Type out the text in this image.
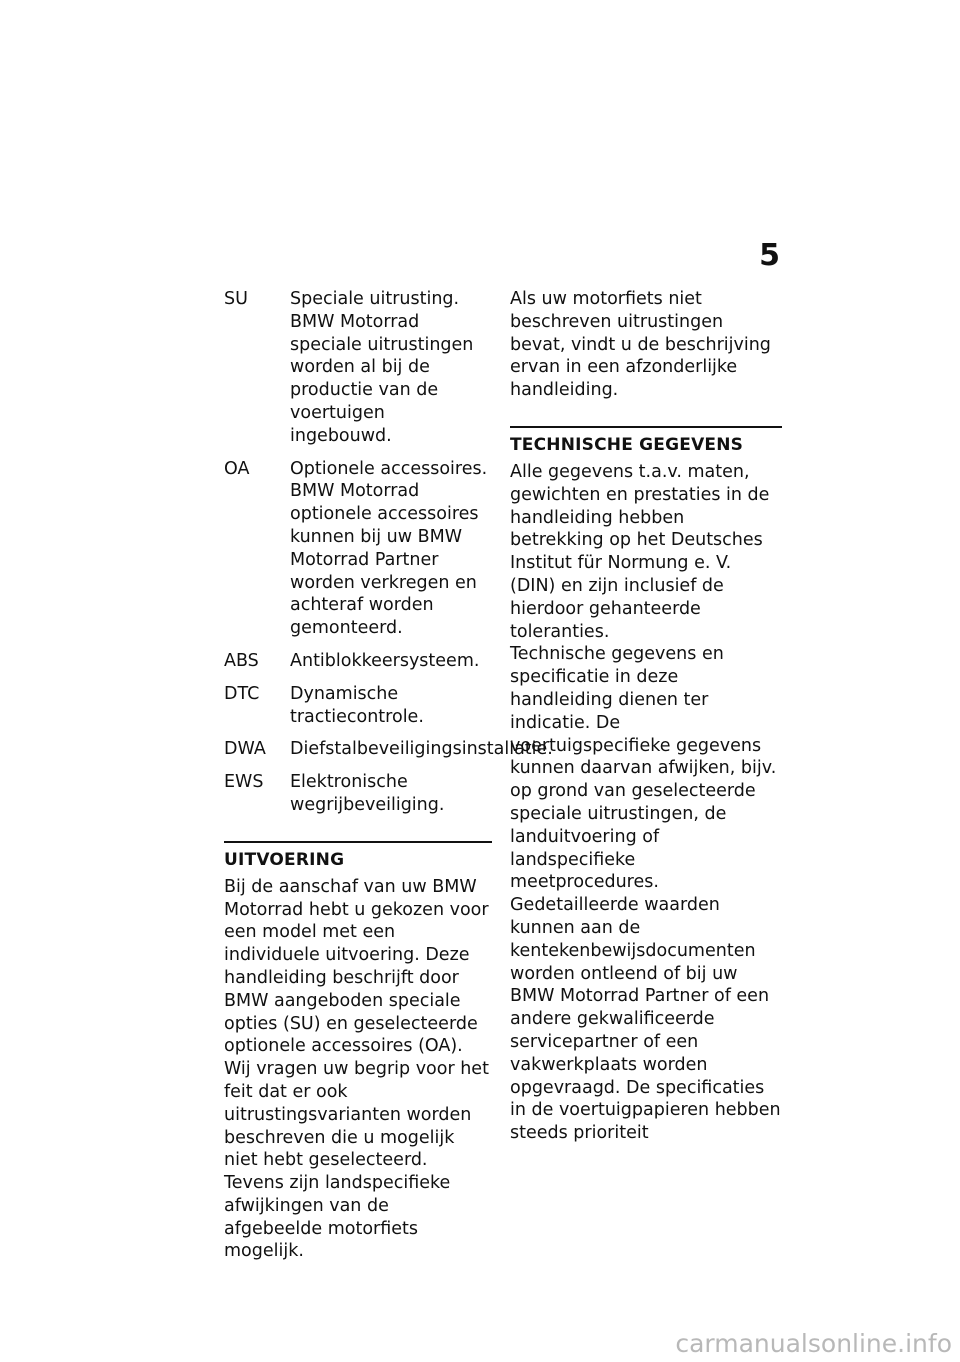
5
SU	Speciale uitrusting.
BMW Motorrad speciale uitrustingen worden al bij de productie van de voertuigen ingebouwd.
OA	Optionele accessoires.
BMW Motorrad optionele accessoires kunnen bij uw BMW Motorrad Partner worden verkregen en achteraf worden gemonteerd.
ABS	Antiblokkeersysteem.
DTC	Dynamische tractiecontrole.
DWA	Diefstalbeveiligingsinstallatie.
EWS	Elektronische wegrijbeveiliging.
UITVOERING

Bij de aanschaf van uw BMW Motorrad hebt u gekozen voor een model met een individuele uitvoering. Deze handleiding beschrijft door BMW aangeboden speciale opties (SU) en geselecteerde optionele accessoires (OA). Wij vragen uw begrip voor het feit dat er ook uitrustingsvarianten worden beschreven die u mogelijk niet hebt geselecteerd. Tevens zijn landspecifieke afwijkingen van de afgebeelde motorfiets mogelijk.

Als uw motorfiets niet beschreven uitrustingen bevat, vindt u de beschrijving ervan in een afzonderlijke handleiding.

TECHNISCHE GEGEVENS

Alle gegevens t.a.v. maten, gewichten en prestaties in de handleiding hebben betrekking op het Deutsches Institut für Normung e. V. (DIN) en zijn inclusief de hierdoor gehanteerde toleranties.

Technische gegevens en specificatie in deze handleiding dienen ter indicatie. De voertuigspecifieke gegevens kunnen daarvan afwijken, bijv. op grond van geselecteerde speciale uitrustingen, de landuitvoering of landspecifieke meetprocedures. Gedetailleerde waarden kunnen aan de kentekenbewijsdocumenten worden ontleend of bij uw BMW Motorrad Partner of een andere gekwalificeerde servicepartner of een vakwerkplaats worden opgevraagd. De specificaties in de voertuigpapieren hebben steeds prioriteit

carmanualsonline.info
